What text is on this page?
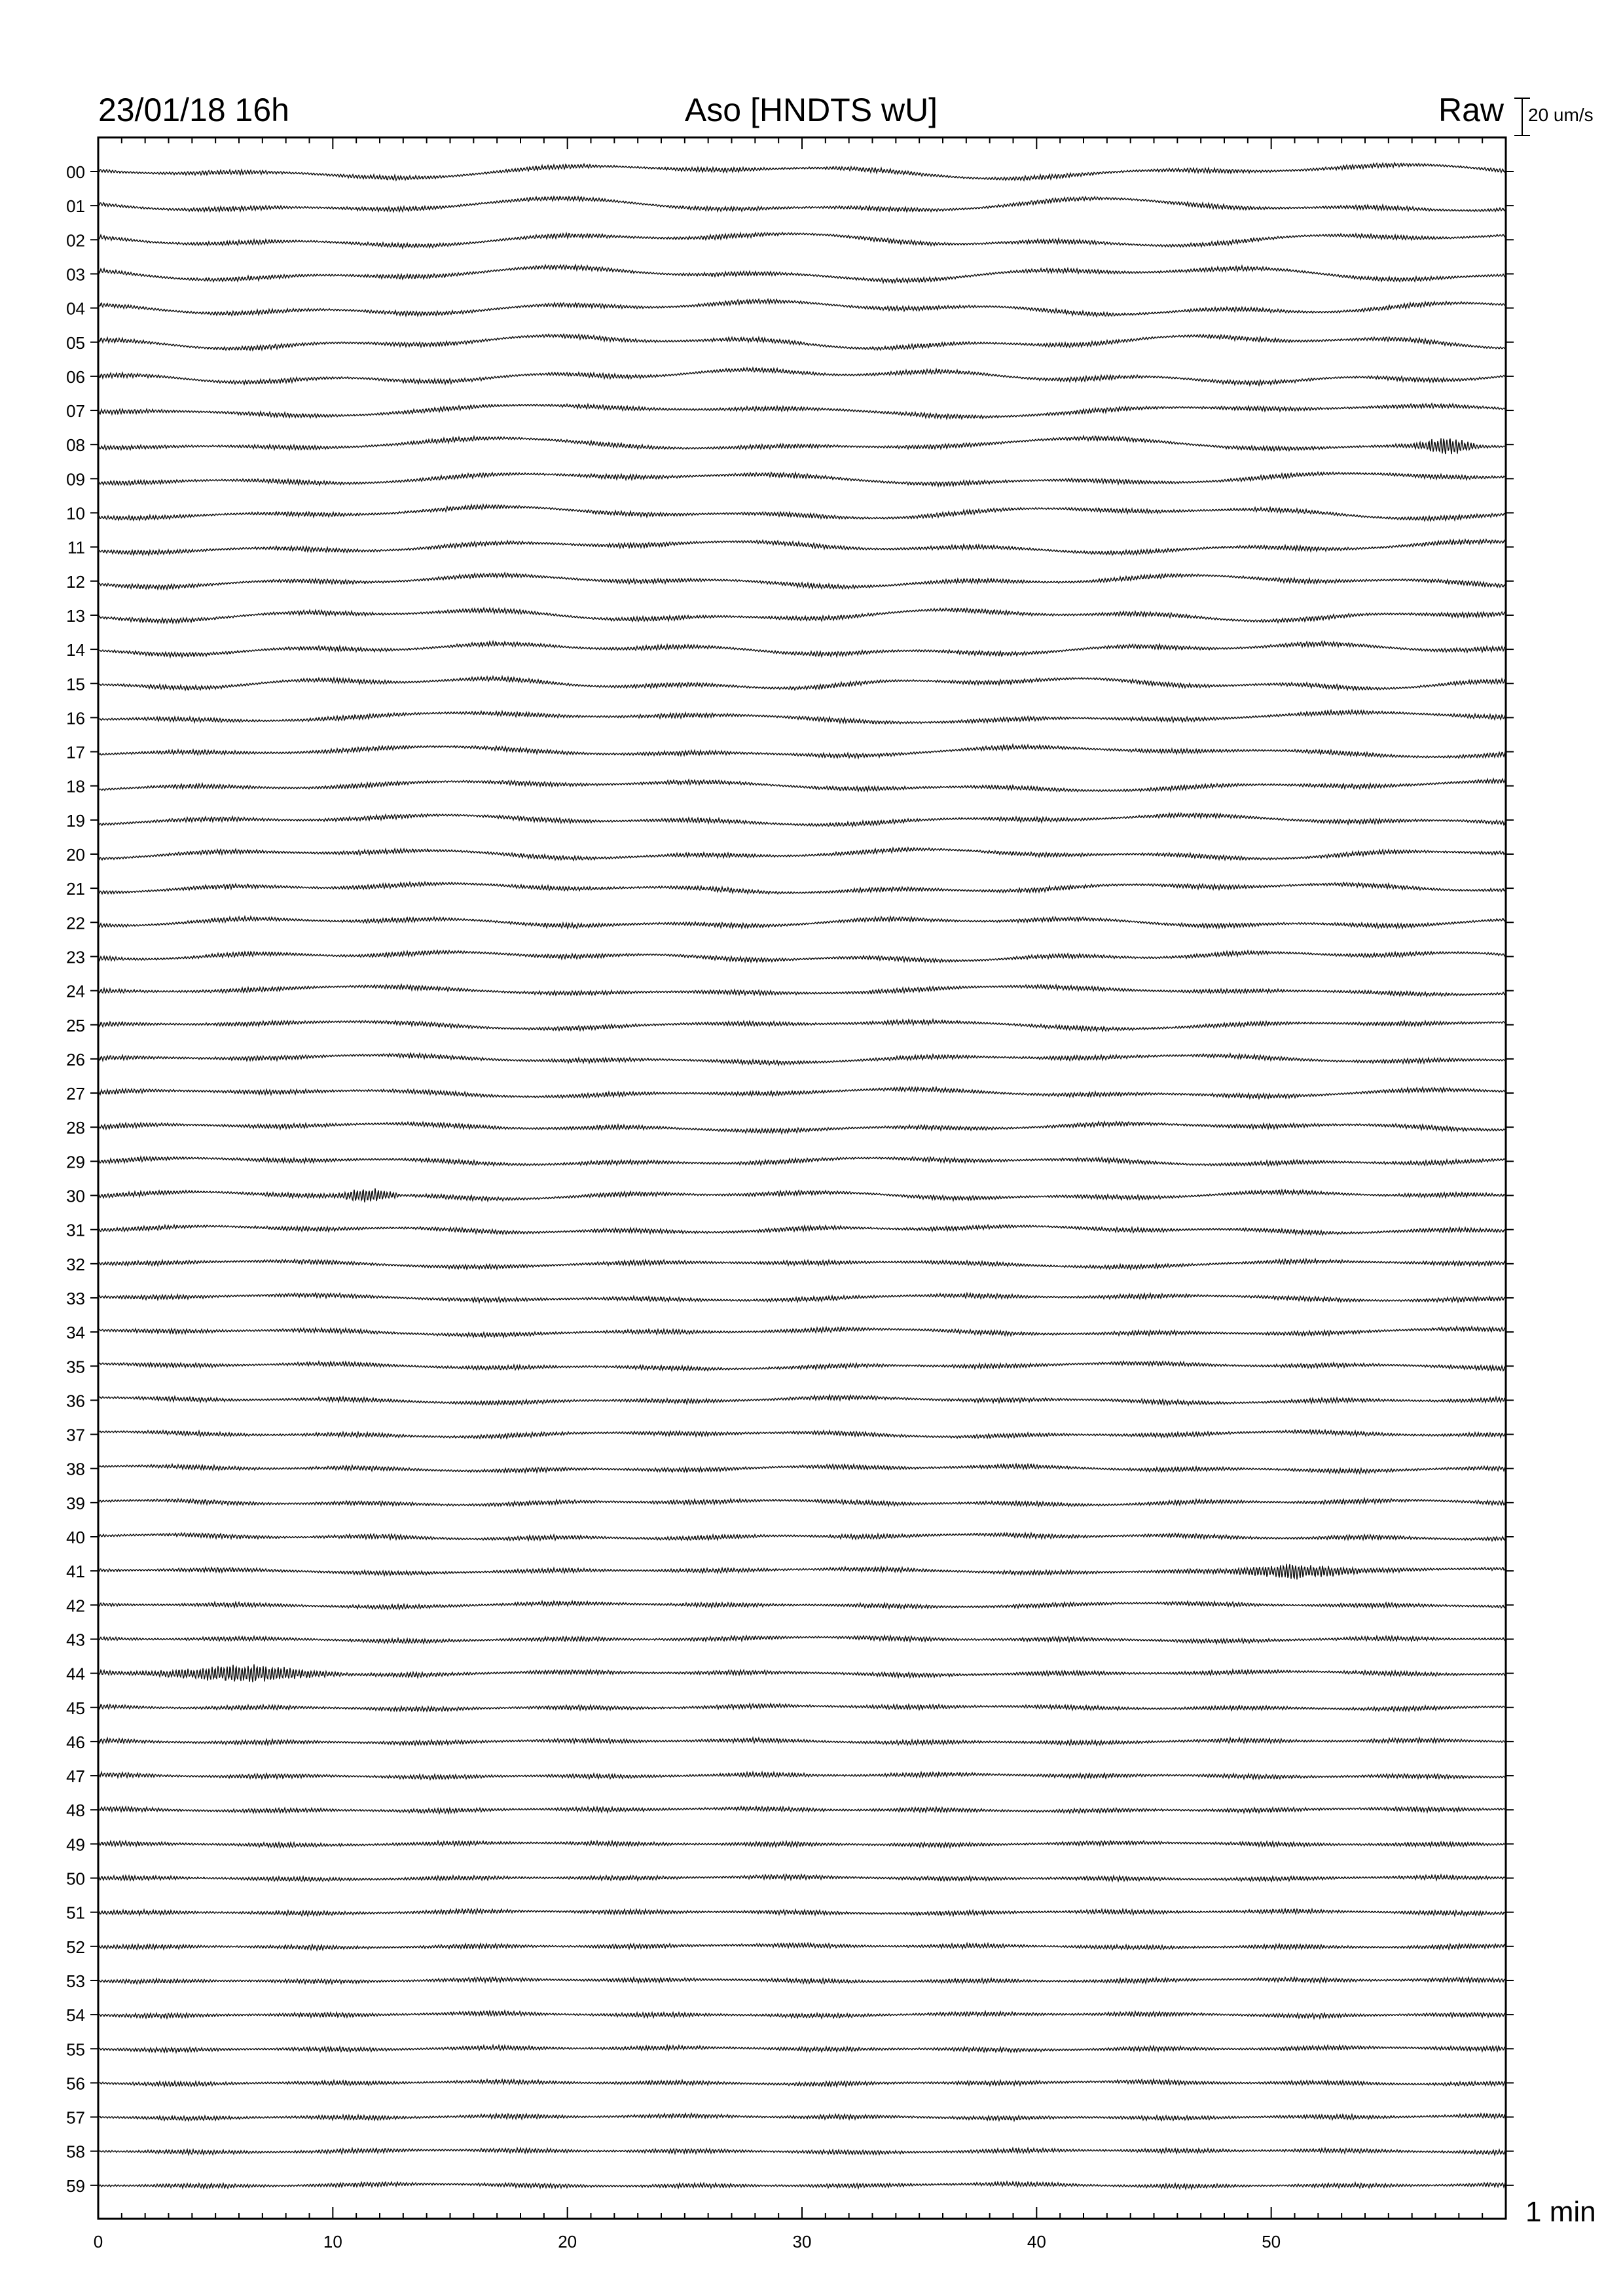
23/01/18 16h	Aso [HNDTS wU]	Raw 20 um/s
1 min
0	10	20	30	40	50
00
01
02
03
04
05
06
07
08
09
10
11
12
13
14
15
16
17
18
19
20
21
22
23
24
25
26
27
28
29
30
31
32
33
34
35
36
37
38
39
40
41
42
43
44
45
46
47
48
49
50
51
52
53
54
55
56
57
58
59
